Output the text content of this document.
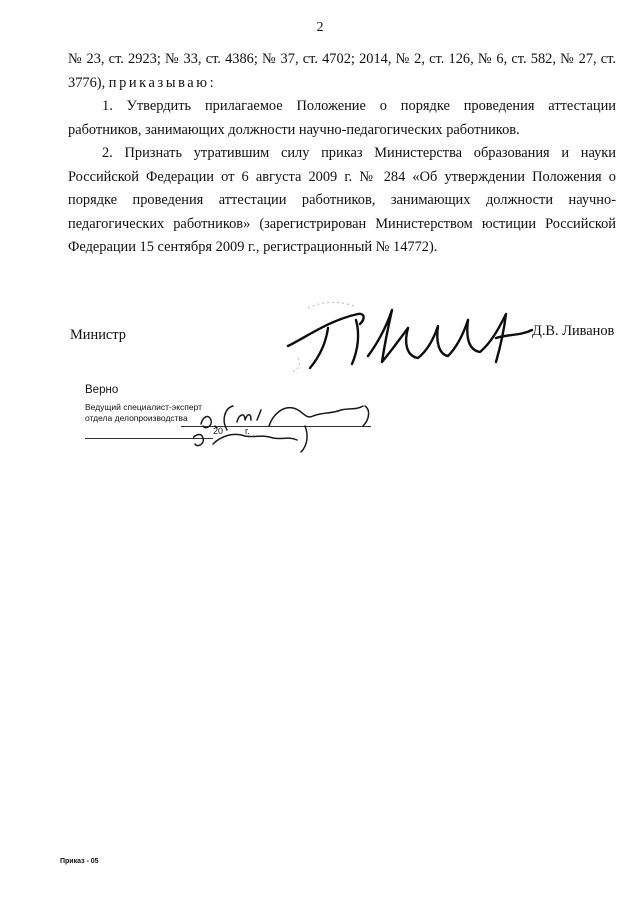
2

№ 23, ст. 2923; № 33, ст. 4386; № 37, ст. 4702; 2014, № 2, ст. 126, № 6, ст. 582, № 27, ст. 3776), приказываю:

1. Утвердить прилагаемое Положение о порядке проведения аттестации работников, занимающих должности научно-педагогических работников.

2. Признать утратившим силу приказ Министерства образования и науки Российской Федерации от 6 августа 2009 г. № 284 «Об утверждении Положения о порядке проведения аттестации работников, занимающих должности научно-педагогических работников» (зарегистрирован Министерством юстиции Российской Федерации 15 сентября 2009 г., регистрационный № 14772).

Министр	Д.В. Ливанов
Верно
Ведущий специалист-эксперт
отдела делопроизводства
20 г.
Приказ - 05
